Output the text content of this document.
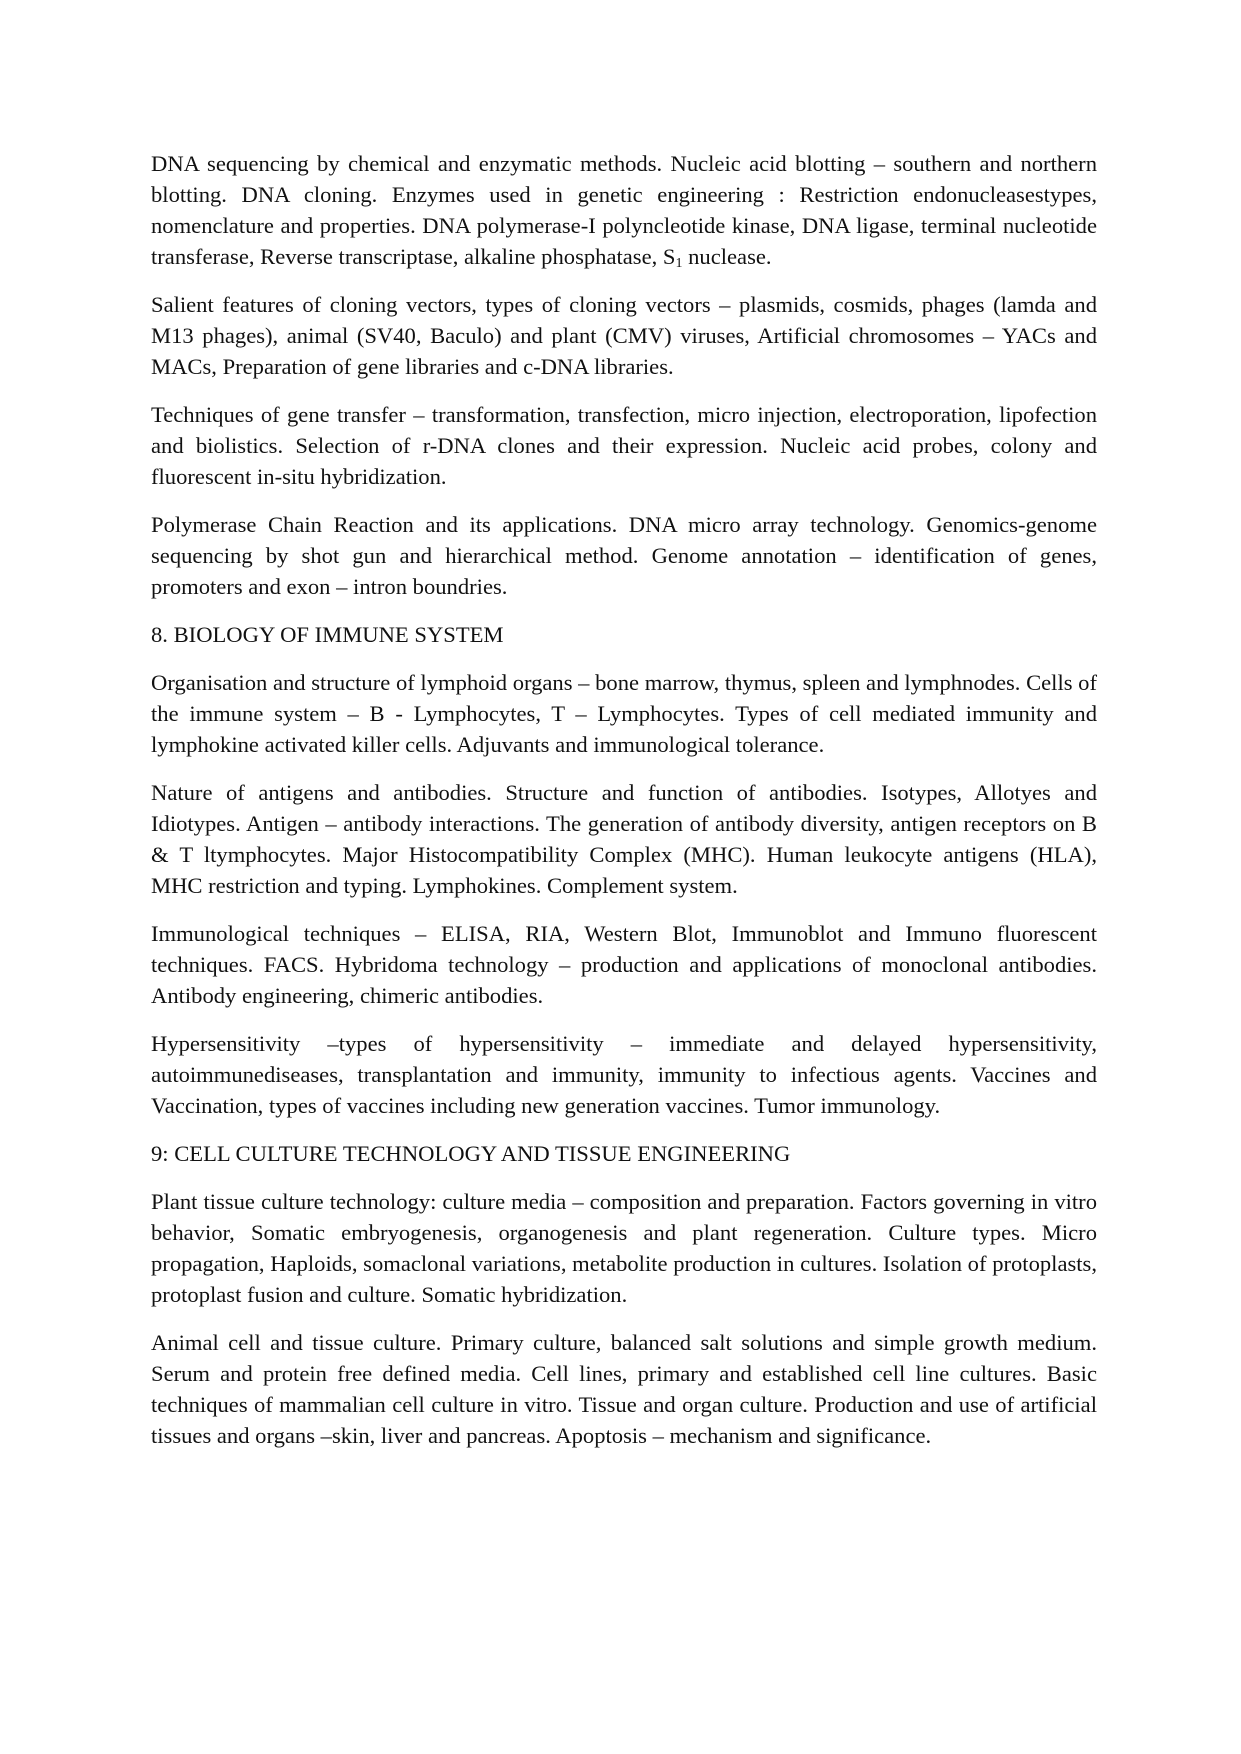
DNA sequencing by chemical and enzymatic methods. Nucleic acid blotting – southern and northern blotting. DNA cloning. Enzymes used in genetic engineering : Restriction endonucleasestypes, nomenclature and properties. DNA polymerase-I polyncleotide kinase, DNA ligase, terminal nucleotide transferase, Reverse transcriptase, alkaline phosphatase, $S_1$ nuclease.

Salient features of cloning vectors, types of cloning vectors – plasmids, cosmids, phages (lamda and M13 phages), animal (SV40, Baculo) and plant (CMV) viruses, Artificial chromosomes – YACs and MACs, Preparation of gene libraries and c-DNA libraries.

Techniques of gene transfer – transformation, transfection, micro injection, electroporation, lipofection and biolistics. Selection of r-DNA clones and their expression. Nucleic acid probes, colony and fluorescent in-situ hybridization.

Polymerase Chain Reaction and its applications. DNA micro array technology. Genomics-genome sequencing by shot gun and hierarchical method. Genome annotation – identification of genes, promoters and exon – intron boundries.

8. BIOLOGY OF IMMUNE SYSTEM

Organisation and structure of lymphoid organs – bone marrow, thymus, spleen and lymphnodes. Cells of the immune system – B - Lymphocytes, T – Lymphocytes. Types of cell mediated immunity and lymphokine activated killer cells. Adjuvants and immunological tolerance.

Nature of antigens and antibodies. Structure and function of antibodies. Isotypes, Allotyes and Idiotypes. Antigen – antibody interactions. The generation of antibody diversity, antigen receptors on B & T ltymphocytes. Major Histocompatibility Complex (MHC). Human leukocyte antigens (HLA), MHC restriction and typing. Lymphokines. Complement system.

Immunological techniques – ELISA, RIA, Western Blot, Immunoblot and Immuno fluorescent techniques. FACS. Hybridoma technology – production and applications of monoclonal antibodies. Antibody engineering, chimeric antibodies.

Hypersensitivity –types of hypersensitivity – immediate and delayed hypersensitivity, autoimmunediseases, transplantation and immunity, immunity to infectious agents. Vaccines and Vaccination, types of vaccines including new generation vaccines. Tumor immunology.

9: CELL CULTURE TECHNOLOGY AND TISSUE ENGINEERING

Plant tissue culture technology: culture media – composition and preparation. Factors governing in vitro behavior, Somatic embryogenesis, organogenesis and plant regeneration. Culture types. Micro propagation, Haploids, somaclonal variations, metabolite production in cultures. Isolation of protoplasts, protoplast fusion and culture. Somatic hybridization.

Animal cell and tissue culture. Primary culture, balanced salt solutions and simple growth medium. Serum and protein free defined media. Cell lines, primary and established cell line cultures. Basic techniques of mammalian cell culture in vitro. Tissue and organ culture. Production and use of artificial tissues and organs –skin, liver and pancreas. Apoptosis – mechanism and significance.
